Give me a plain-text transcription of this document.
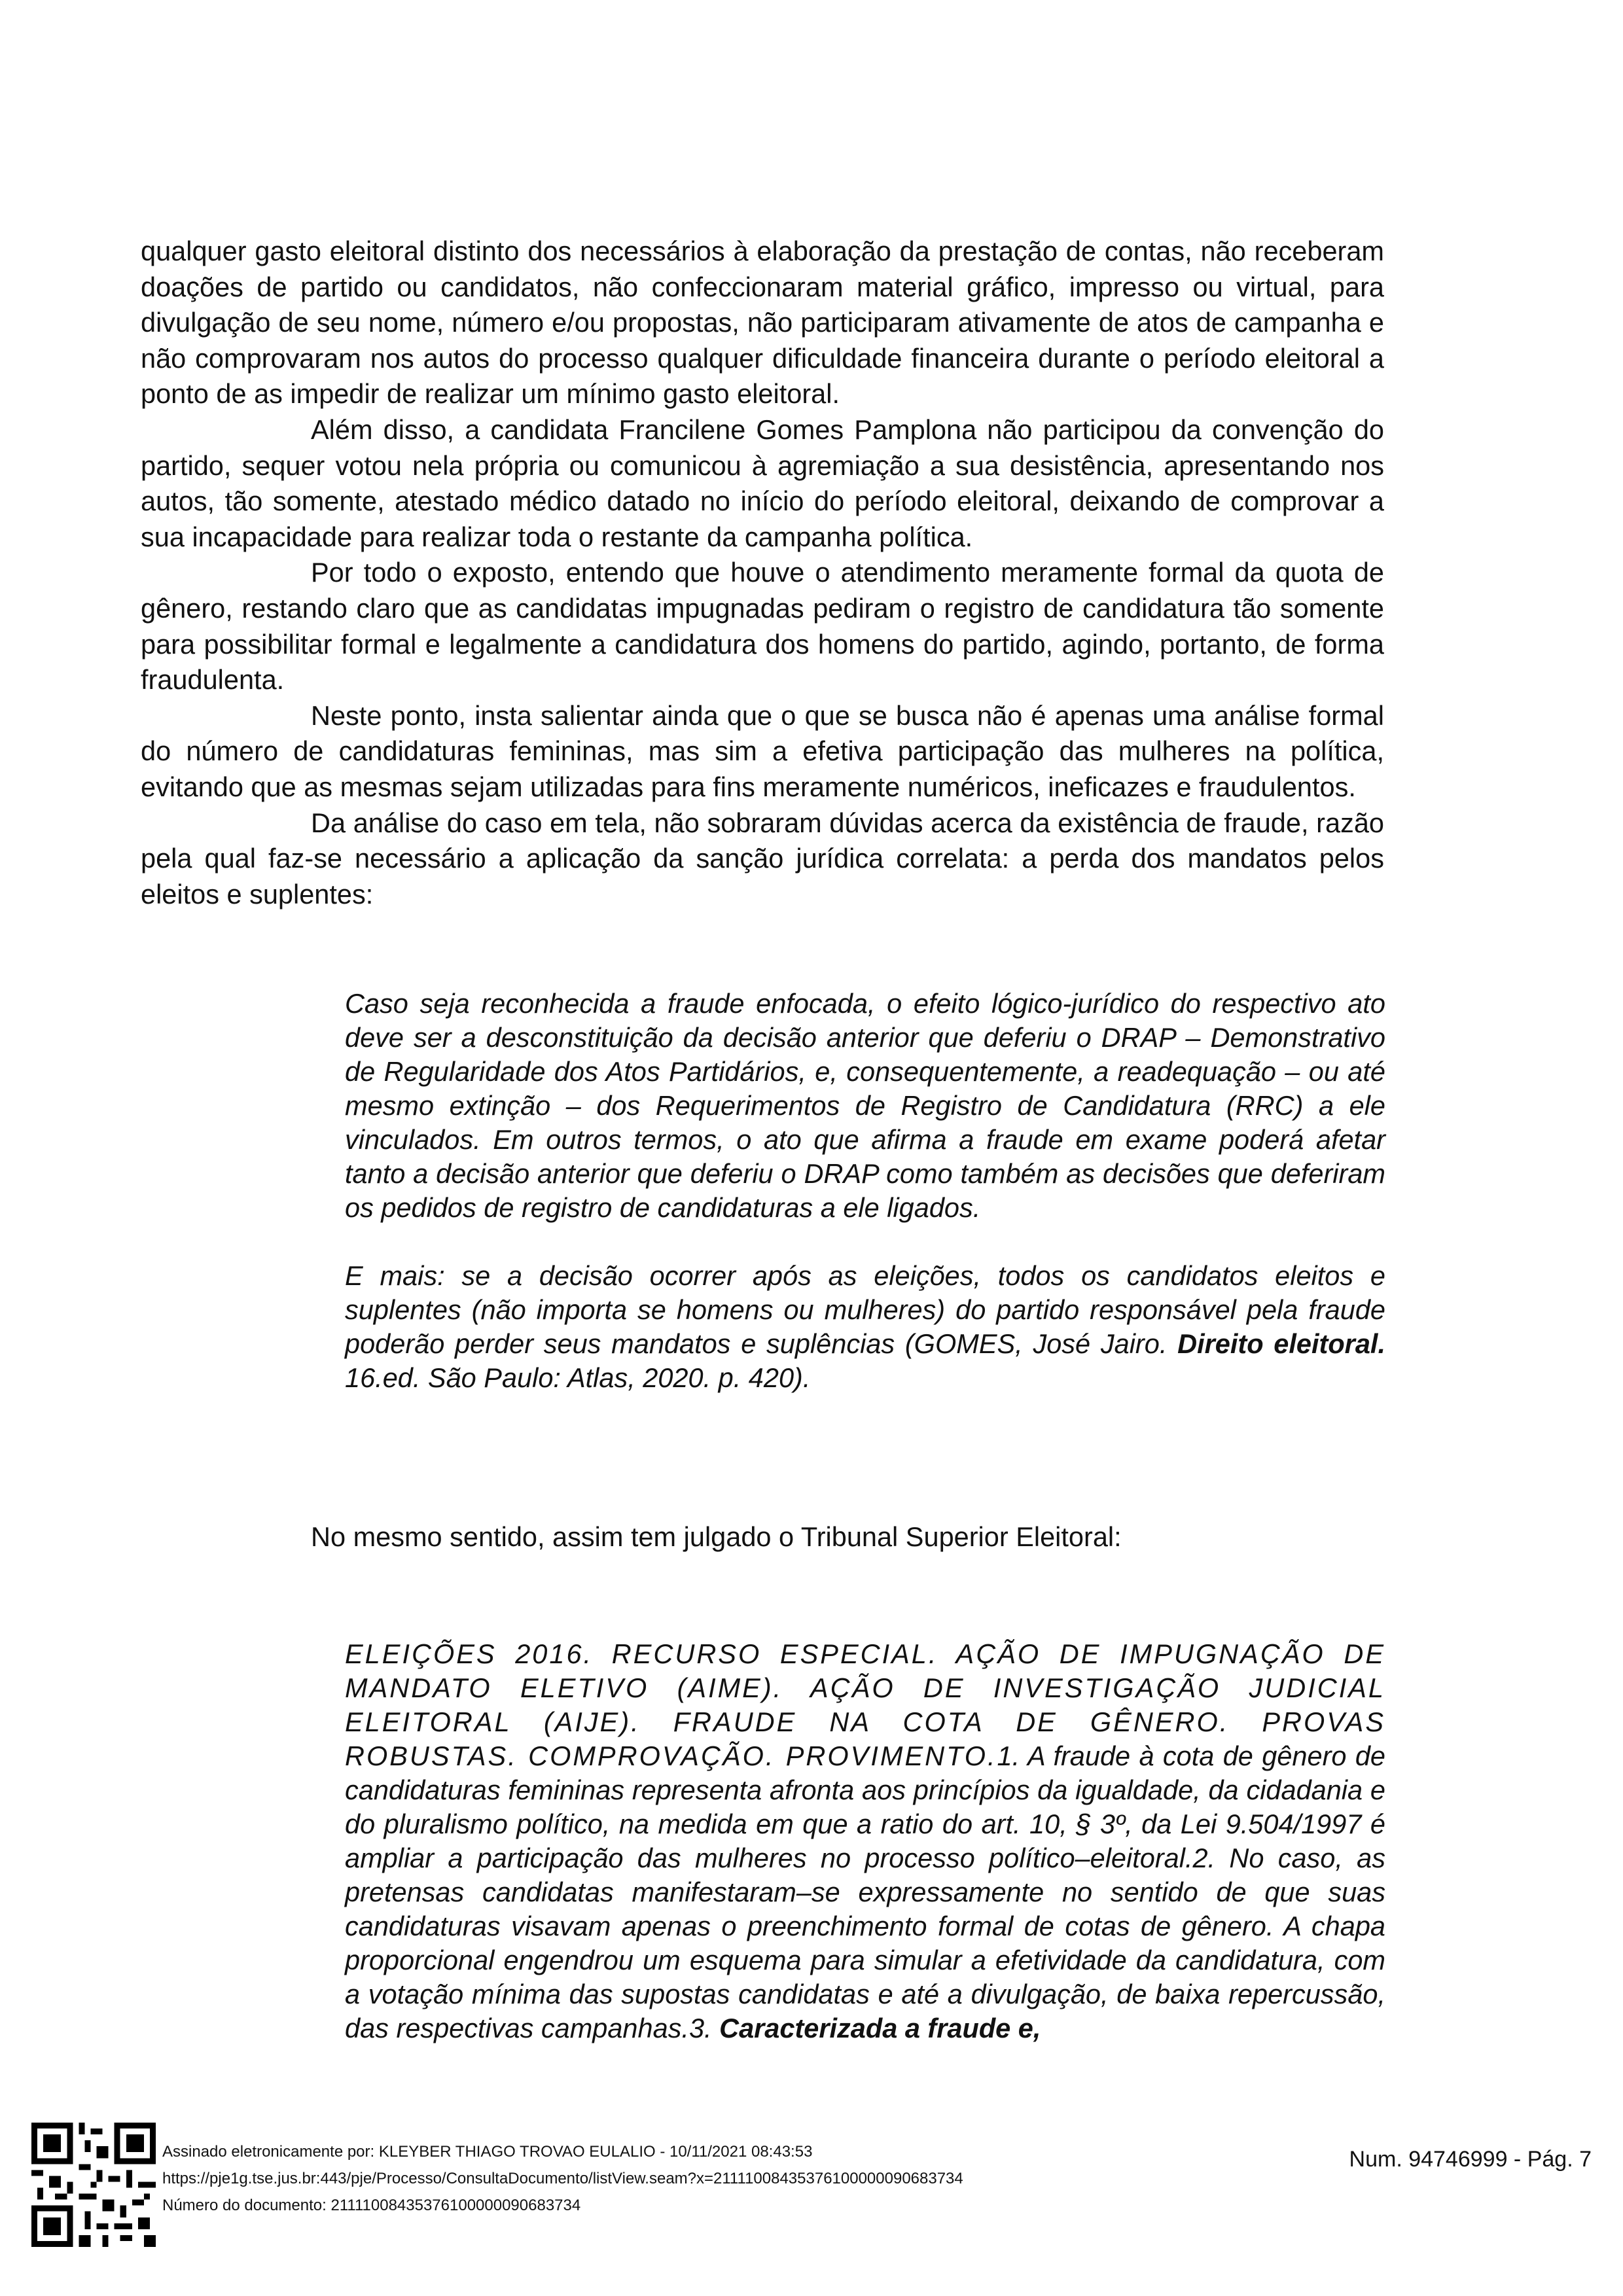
qualquer gasto eleitoral distinto dos necessários à elaboração da prestação de contas, não receberam doações de partido ou candidatos, não confeccionaram material gráfico, impresso ou virtual, para divulgação de seu nome, número e/ou propostas, não participaram ativamente de atos de campanha e não comprovaram nos autos do processo qualquer dificuldade financeira durante o período eleitoral a ponto de as impedir de realizar um mínimo gasto eleitoral.

Além disso, a candidata Francilene Gomes Pamplona não participou da convenção do partido, sequer votou nela própria ou comunicou à agremiação a sua desistência, apresentando nos autos, tão somente, atestado médico datado no início do período eleitoral, deixando de comprovar a sua incapacidade para realizar toda o restante da campanha política.

Por todo o exposto, entendo que houve o atendimento meramente formal da quota de gênero, restando claro que as candidatas impugnadas pediram o registro de candidatura tão somente para possibilitar formal e legalmente a candidatura dos homens do partido, agindo, portanto, de forma fraudulenta.

Neste ponto, insta salientar ainda que o que se busca não é apenas uma análise formal do número de candidaturas femininas, mas sim a efetiva participação das mulheres na política, evitando que as mesmas sejam utilizadas para fins meramente numéricos, ineficazes e fraudulentos.

Da análise do caso em tela, não sobraram dúvidas acerca da existência de fraude, razão pela qual faz-se necessário a aplicação da sanção jurídica correlata: a perda dos mandatos pelos eleitos e suplentes:

Caso seja reconhecida a fraude enfocada, o efeito lógico-jurídico do respectivo ato deve ser a desconstituição da decisão anterior que deferiu o DRAP – Demonstrativo de Regularidade dos Atos Partidários, e, consequentemente, a readequação – ou até mesmo extinção – dos Requerimentos de Registro de Candidatura (RRC) a ele vinculados. Em outros termos, o ato que afirma a fraude em exame poderá afetar tanto a decisão anterior que deferiu o DRAP como também as decisões que deferiram os pedidos de registro de candidaturas a ele ligados.

E mais: se a decisão ocorrer após as eleições, todos os candidatos eleitos e suplentes (não importa se homens ou mulheres) do partido responsável pela fraude poderão perder seus mandatos e suplências (GOMES, José Jairo. Direito eleitoral. 16.ed. São Paulo: Atlas, 2020. p. 420).

No mesmo sentido, assim tem julgado o Tribunal Superior Eleitoral:

ELEIÇÕES 2016. RECURSO ESPECIAL. AÇÃO DE IMPUGNAÇÃO DE MANDATO ELETIVO (AIME). AÇÃO DE INVESTIGAÇÃO JUDICIAL ELEITORAL (AIJE). FRAUDE NA COTA DE GÊNERO. PROVAS ROBUSTAS. COMPROVAÇÃO. PROVIMENTO.1. A fraude à cota de gênero de candidaturas femininas representa afronta aos princípios da igualdade, da cidadania e do pluralismo político, na medida em que a ratio do art. 10, § 3º, da Lei 9.504/1997 é ampliar a participação das mulheres no processo político–eleitoral.2. No caso, as pretensas candidatas manifestaram–se expressamente no sentido de que suas candidaturas visavam apenas o preenchimento formal de cotas de gênero. A chapa proporcional engendrou um esquema para simular a efetividade da candidatura, com a votação mínima das supostas candidatas e até a divulgação, de baixa repercussão, das respectivas campanhas.3. Caracterizada a fraude e,

Assinado eletronicamente por: KLEYBER THIAGO TROVAO EULALIO - 10/11/2021 08:43:53
https://pje1g.tse.jus.br:443/pje/Processo/ConsultaDocumento/listView.seam?x=21111008435376100000090683734
Número do documento: 21111008435376100000090683734
Num. 94746999 - Pág. 7
